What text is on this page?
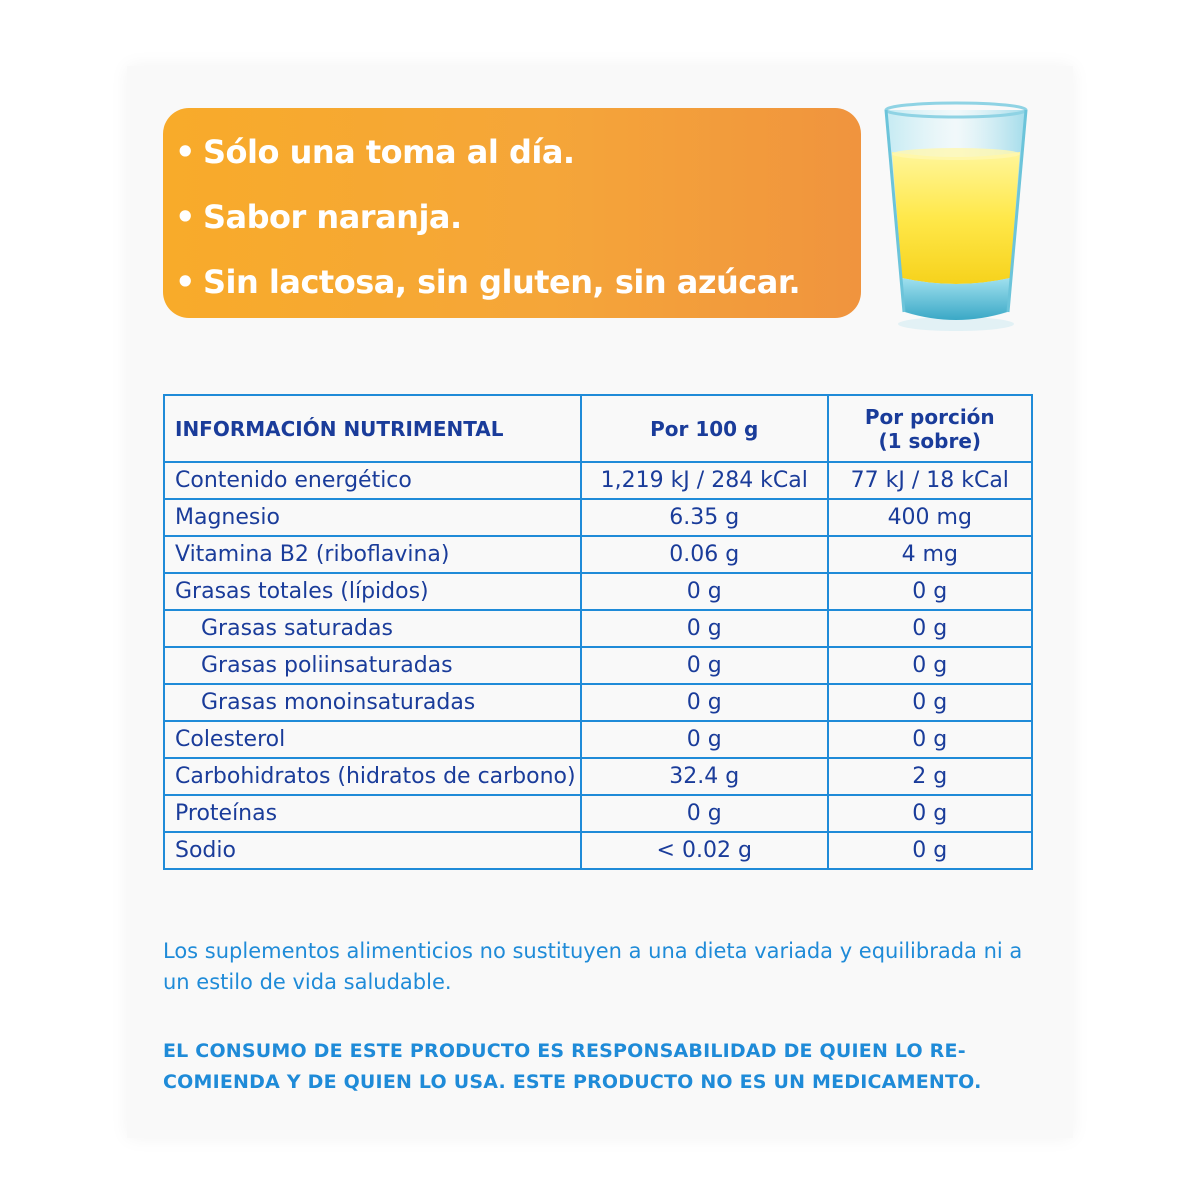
• Sólo una toma al día.

• Sabor naranja.

• Sin lactosa, sin gluten, sin azúcar.

INFORMACIÓN NUTRIMENTAL	Por 100 g	Por porción
(1 sobre)

Contenido energético	1,219 kJ / 284 kCal	77 kJ / 18 kCal
Magnesio	6.35 g	400 mg
Vitamina B2 (riboflavina)	0.06 g	4 mg
Grasas totales (lípidos)	0 g	0 g
Grasas saturadas	0 g	0 g
Grasas poliinsaturadas	0 g	0 g
Grasas monoinsaturadas	0 g	0 g
Colesterol	0 g	0 g
Carbohidratos (hidratos de carbono)	32.4 g	2 g
Proteínas	0 g	0 g
Sodio	< 0.02 g	0 g

Los suplementos alimenticios no sustituyen a una dieta variada y equilibrada ni a un estilo de vida saludable.

EL CONSUMO DE ESTE PRODUCTO ES RESPONSABILIDAD DE QUIEN LO RE-
COMIENDA Y DE QUIEN LO USA. ESTE PRODUCTO NO ES UN MEDICAMENTO.
